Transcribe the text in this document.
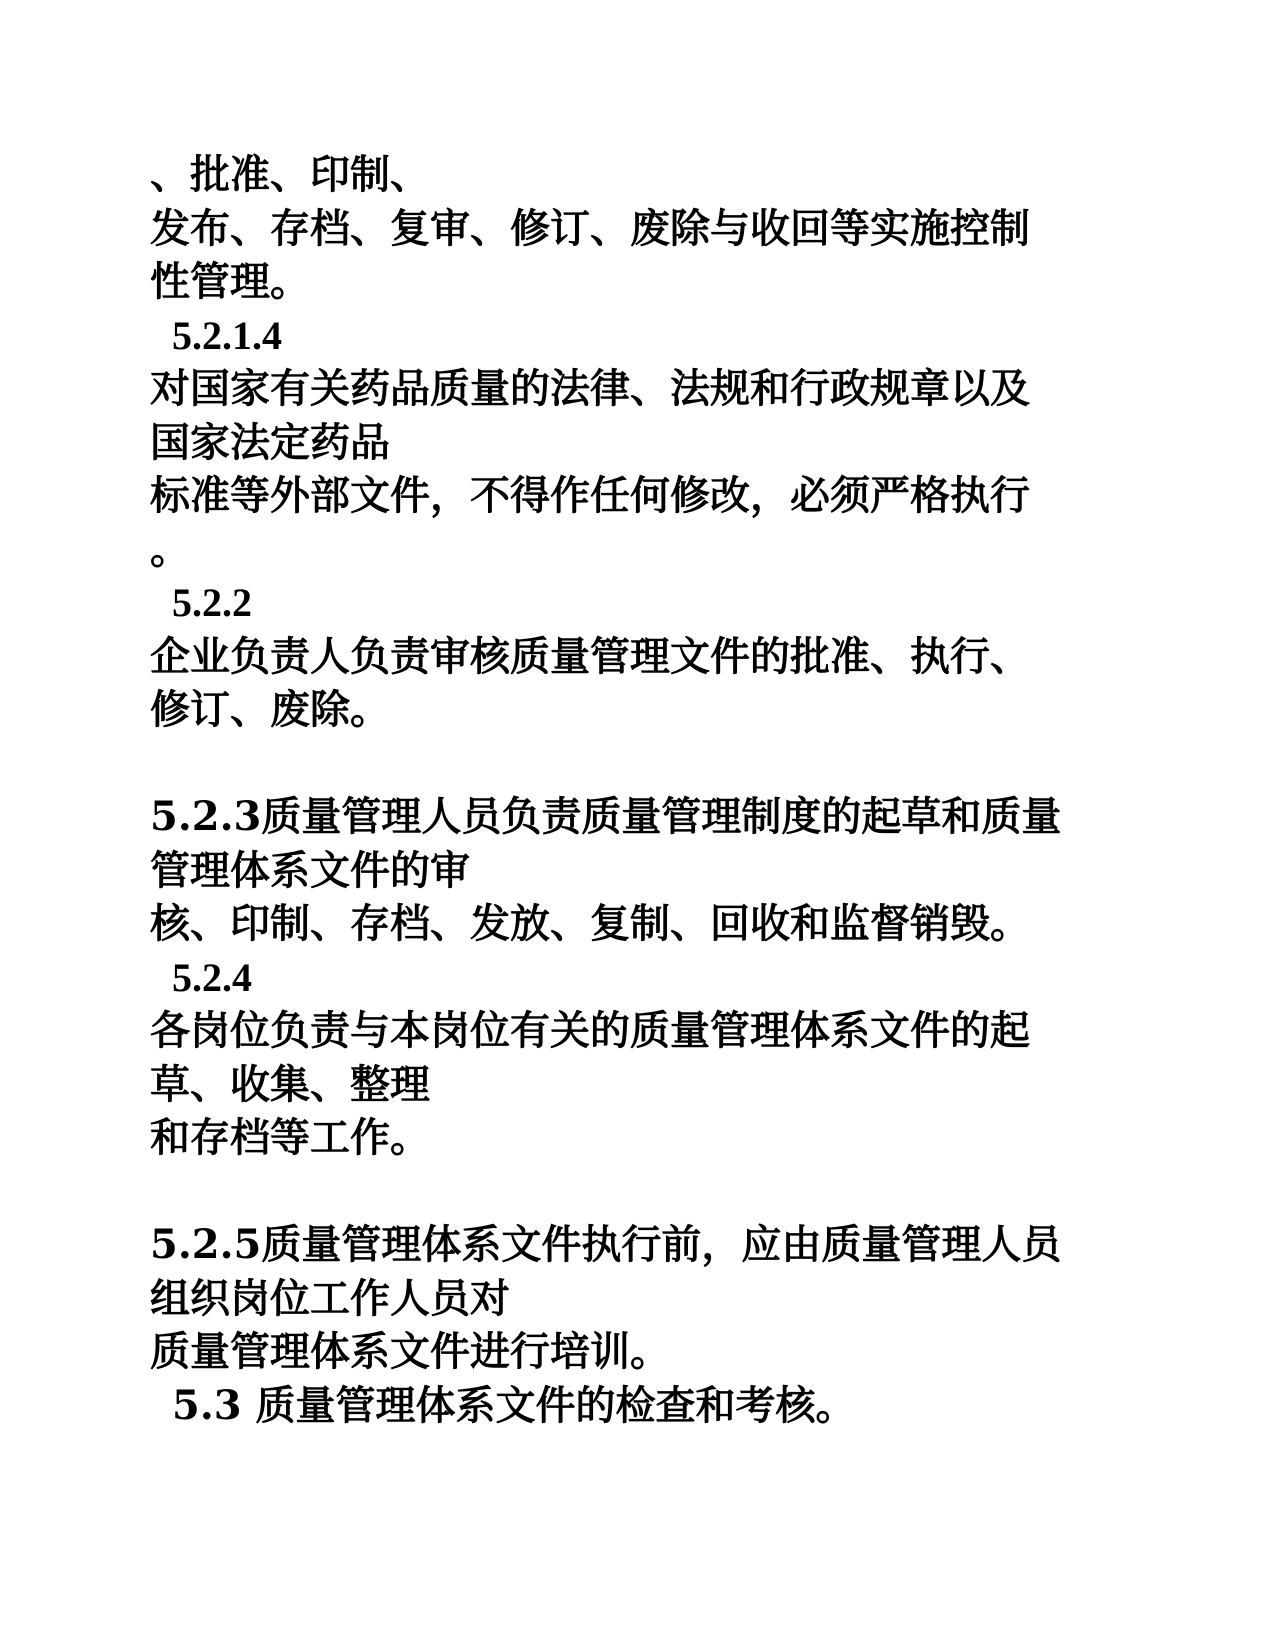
、批准、印制、
发布、存档、复审、修订、废除与收回等实施控制
性管理。
5.2.1.4
对国家有关药品质量的法律、法规和行政规章以及
国家法定药品
标准等外部文件，不得作任何修改，必须严格执行
。
5.2.2
企业负责人负责审核质量管理文件的批准、执行、
修订、废除。
5.2.3质量管理人员负责质量管理制度的起草和质量
管理体系文件的审
核、印制、存档、发放、复制、回收和监督销毁。
5.2.4
各岗位负责与本岗位有关的质量管理体系文件的起
草、收集、整理
和存档等工作。
5.2.5质量管理体系文件执行前，应由质量管理人员
组织岗位工作人员对
质量管理体系文件进行培训。
5.3 质量管理体系文件的检查和考核。
